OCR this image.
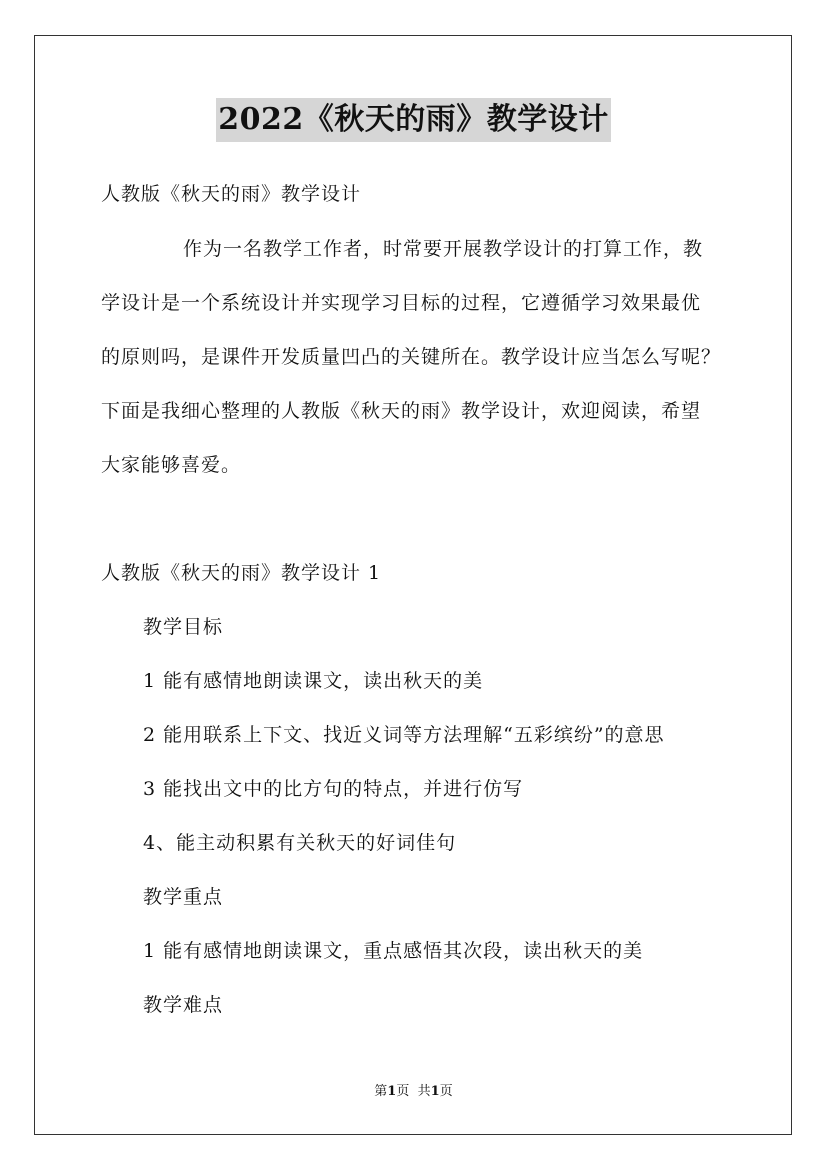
2022《秋天的雨》教学设计
人教版《秋天的雨》教学设计
作为一名教学工作者，时常要开展教学设计的打算工作，教
学设计是一个系统设计并实现学习目标的过程，它遵循学习效果最优
的原则吗，是课件开发质量凹凸的关键所在。教学设计应当怎么写呢？
下面是我细心整理的人教版《秋天的雨》教学设计，欢迎阅读，希望
大家能够喜爱。
人教版《秋天的雨》教学设计 1
教学目标
1 能有感情地朗读课文，读出秋天的美
2 能用联系上下文、找近义词等方法理解“五彩缤纷”的意思
3 能找出文中的比方句的特点，并进行仿写
4、能主动积累有关秋天的好词佳句
教学重点
1 能有感情地朗读课文，重点感悟其次段，读出秋天的美
教学难点
第1页 共1页
